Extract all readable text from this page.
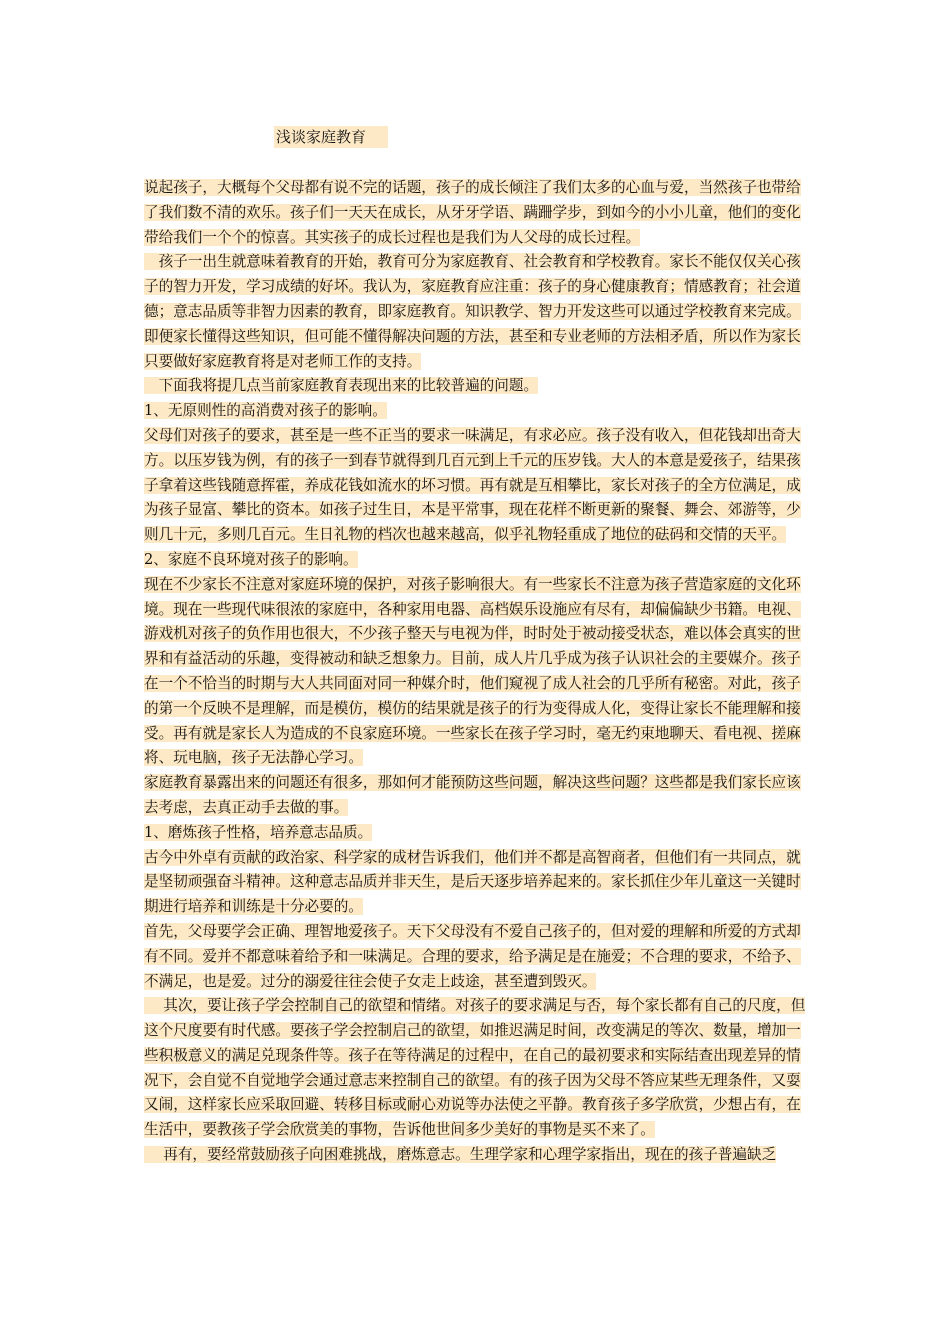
浅谈家庭教育

说起孩子，大概每个父母都有说不完的话题，孩子的成长倾注了我们太多的心血与爱，当然孩子也带给了我们数不清的欢乐。孩子们一天天在成长，从牙牙学语、蹒跚学步，到如今的小小儿童，他们的变化带给我们一个个的惊喜。其实孩子的成长过程也是我们为人父母的成长过程。

　孩子一出生就意味着教育的开始，教育可分为家庭教育、社会教育和学校教育。家长不能仅仅关心孩子的智力开发，学习成绩的好坏。我认为，家庭教育应注重：孩子的身心健康教育；情感教育；社会道德；意志品质等非智力因素的教育，即家庭教育。知识教学、智力开发这些可以通过学校教育来完成。即便家长懂得这些知识，但可能不懂得解决问题的方法，甚至和专业老师的方法相矛盾，所以作为家长只要做好家庭教育将是对老师工作的支持。

　下面我将提几点当前家庭教育表现出来的比较普遍的问题。

1、无原则性的高消费对孩子的影响。

父母们对孩子的要求，甚至是一些不正当的要求一味满足，有求必应。孩子没有收入，但花钱却出奇大方。以压岁钱为例，有的孩子一到春节就得到几百元到上千元的压岁钱。大人的本意是爱孩子，结果孩子拿着这些钱随意挥霍，养成花钱如流水的坏习惯。再有就是互相攀比，家长对孩子的全方位满足，成为孩子显富、攀比的资本。如孩子过生日，本是平常事，现在花样不断更新的聚餐、舞会、郊游等，少则几十元，多则几百元。生日礼物的档次也越来越高，似乎礼物轻重成了地位的砝码和交情的天平。

2、家庭不良环境对孩子的影响。

现在不少家长不注意对家庭环境的保护，对孩子影响很大。有一些家长不注意为孩子营造家庭的文化环境。现在一些现代味很浓的家庭中，各种家用电器、高档娱乐设施应有尽有，却偏偏缺少书籍。电视、游戏机对孩子的负作用也很大，不少孩子整天与电视为伴，时时处于被动接受状态，难以体会真实的世界和有益活动的乐趣，变得被动和缺乏想象力。目前，成人片几乎成为孩子认识社会的主要媒介。孩子在一个不恰当的时期与大人共同面对同一种媒介时，他们窥视了成人社会的几乎所有秘密。对此，孩子的第一个反映不是理解，而是模仿，模仿的结果就是孩子的行为变得成人化，变得让家长不能理解和接受。再有就是家长人为造成的不良家庭环境。一些家长在孩子学习时，毫无约束地聊天、看电视、搓麻将、玩电脑，孩子无法静心学习。

家庭教育暴露出来的问题还有很多，那如何才能预防这些问题，解决这些问题？这些都是我们家长应该去考虑，去真正动手去做的事。

1、磨炼孩子性格，培养意志品质。

古今中外卓有贡献的政治家、科学家的成材告诉我们，他们并不都是高智商者，但他们有一共同点，就是坚韧顽强奋斗精神。这种意志品质并非天生，是后天逐步培养起来的。家长抓住少年儿童这一关键时期进行培养和训练是十分必要的。

首先，父母要学会正确、理智地爱孩子。天下父母没有不爱自己孩子的，但对爱的理解和所爱的方式却有不同。爱并不都意味着给予和一味满足。合理的要求，给予满足是在施爱；不合理的要求，不给予、不满足，也是爱。过分的溺爱往往会使子女走上歧途，甚至遭到毁灭。

　 其次，要让孩子学会控制自己的欲望和情绪。对孩子的要求满足与否，每个家长都有自己的尺度，但这个尺度要有时代感。要孩子学会控制启己的欲望，如推迟满足时间，改变满足的等次、数量，增加一些积极意义的满足兑现条件等。孩子在等待满足的过程中，在自己的最初要求和实际结查出现差异的情况下，会自觉不自觉地学会通过意志来控制自己的欲望。有的孩子因为父母不答应某些无理条件，又耍又闹，这样家长应采取回避、转移目标或耐心劝说等办法使之平静。教育孩子多学欣赏，少想占有，在生活中，要教孩子学会欣赏美的事物，告诉他世间多少美好的事物是买不来了。

　 再有，要经常鼓励孩子向困难挑战，磨炼意志。生理学家和心理学家指出，现在的孩子普遍缺乏
